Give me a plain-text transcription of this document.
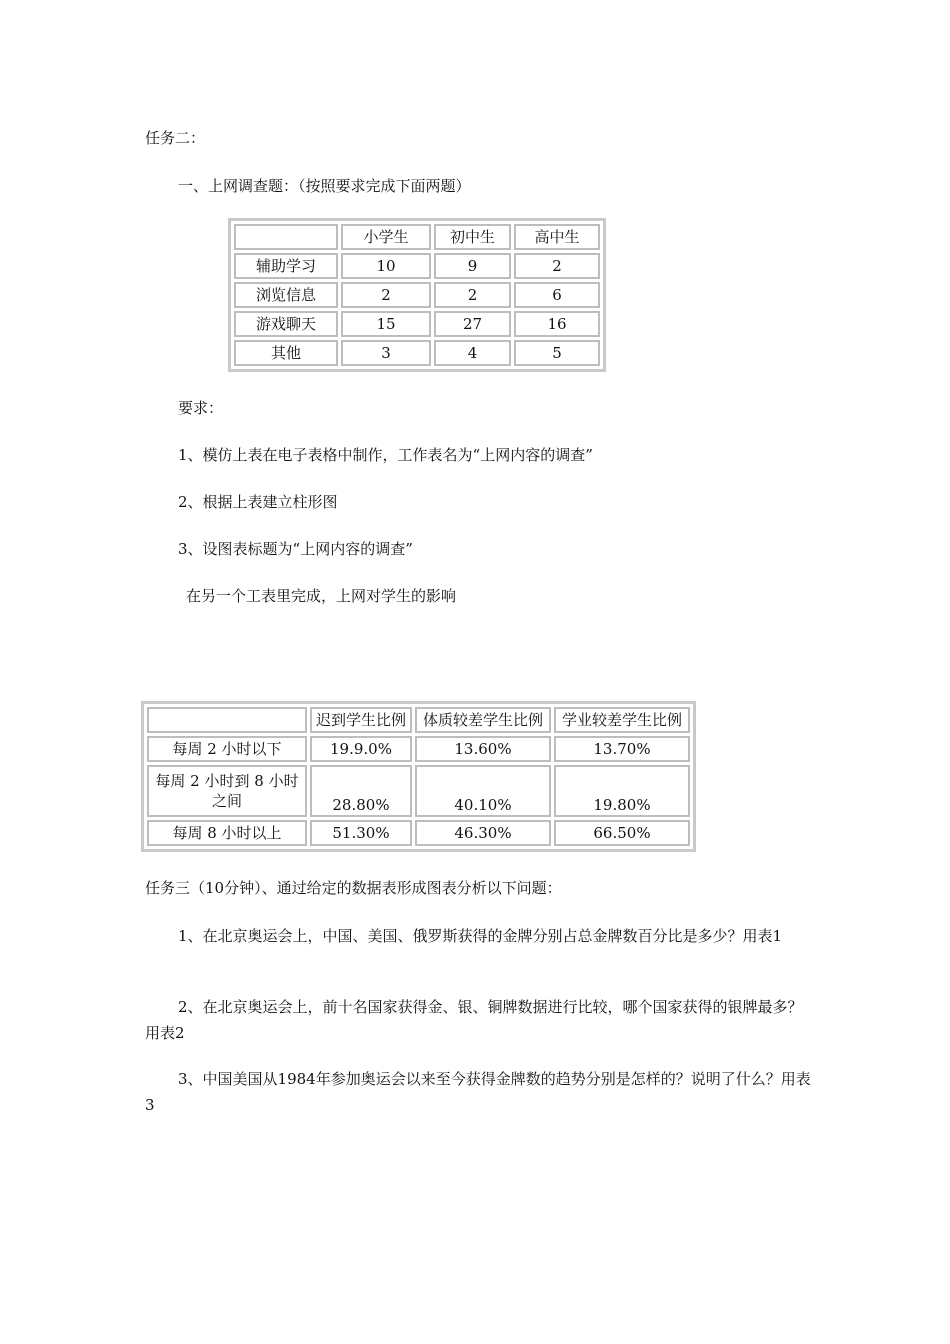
任务二：
一、上网调查题：（按照要求完成下面两题）
	小学生	初中生	高中生
辅助学习	10	9	2
浏览信息	2	2	6
游戏聊天	15	27	16
其他	3	4	5
要求：
1、模仿上表在电子表格中制作，工作表名为“上网内容的调查”
2、根据上表建立柱形图
3、设图表标题为“上网内容的调查”
在另一个工表里完成，上网对学生的影响
	迟到学生比例	体质较差学生比例	学业较差学生比例
每周 2 小时以下	19.9.0%	13.60%	13.70%
每周 2 小时到 8 小时之间	28.80%	40.10%	19.80%
每周 8 小时以上	51.30%	46.30%	66.50%
任务三（10分钟）、通过给定的数据表形成图表分析以下问题：
1、在北京奥运会上，中国、美国、俄罗斯获得的金牌分别占总金牌数百分比是多少？用表1
2、在北京奥运会上，前十名国家获得金、银、铜牌数据进行比较，哪个国家获得的银牌最多？用表2
3、中国美国从1984年参加奥运会以来至今获得金牌数的趋势分别是怎样的？说明了什么？用表3
